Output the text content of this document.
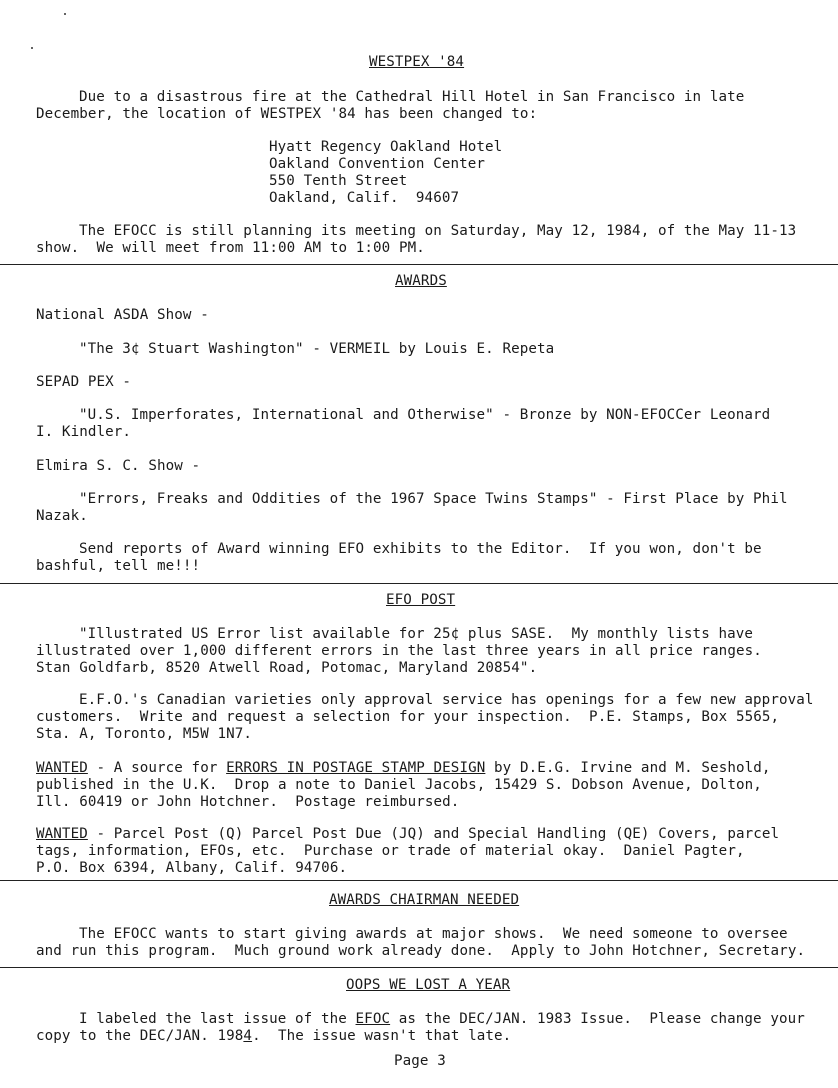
WESTPEX '84
Due to a disastrous fire at the Cathedral Hill Hotel in San Francisco in late
December, the location of WESTPEX '84 has been changed to:
Hyatt Regency Oakland Hotel
Oakland Convention Center
550 Tenth Street
Oakland, Calif.  94607
The EFOCC is still planning its meeting on Saturday, May 12, 1984, of the May 11-13
show.  We will meet from 11:00 AM to 1:00 PM.
AWARDS
National ASDA Show -
"The 3¢ Stuart Washington" - VERMEIL by Louis E. Repeta
SEPAD PEX -
"U.S. Imperforates, International and Otherwise" - Bronze by NON-EFOCCer Leonard
I. Kindler.
Elmira S. C. Show -
"Errors, Freaks and Oddities of the 1967 Space Twins Stamps" - First Place by Phil
Nazak.
Send reports of Award winning EFO exhibits to the Editor.  If you won, don't be
bashful, tell me!!!
EFO POST
"Illustrated US Error list available for 25¢ plus SASE.  My monthly lists have
illustrated over 1,000 different errors in the last three years in all price ranges.
Stan Goldfarb, 8520 Atwell Road, Potomac, Maryland 20854".
E.F.O.'s Canadian varieties only approval service has openings for a few new approval
customers.  Write and request a selection for your inspection.  P.E. Stamps, Box 5565,
Sta. A, Toronto, M5W 1N7.
WANTED - A source for ERRORS IN POSTAGE STAMP DESIGN by D.E.G. Irvine and M. Seshold,
published in the U.K.  Drop a note to Daniel Jacobs, 15429 S. Dobson Avenue, Dolton,
Ill. 60419 or John Hotchner.  Postage reimbursed.
WANTED - Parcel Post (Q) Parcel Post Due (JQ) and Special Handling (QE) Covers, parcel
tags, information, EFOs, etc.  Purchase or trade of material okay.  Daniel Pagter,
P.O. Box 6394, Albany, Calif. 94706.
AWARDS CHAIRMAN NEEDED
The EFOCC wants to start giving awards at major shows.  We need someone to oversee
and run this program.  Much ground work already done.  Apply to John Hotchner, Secretary.
OOPS WE LOST A YEAR
I labeled the last issue of the EFOC as the DEC/JAN. 1983 Issue.  Please change your
copy to the DEC/JAN. 1984.  The issue wasn't that late.
Page 3
